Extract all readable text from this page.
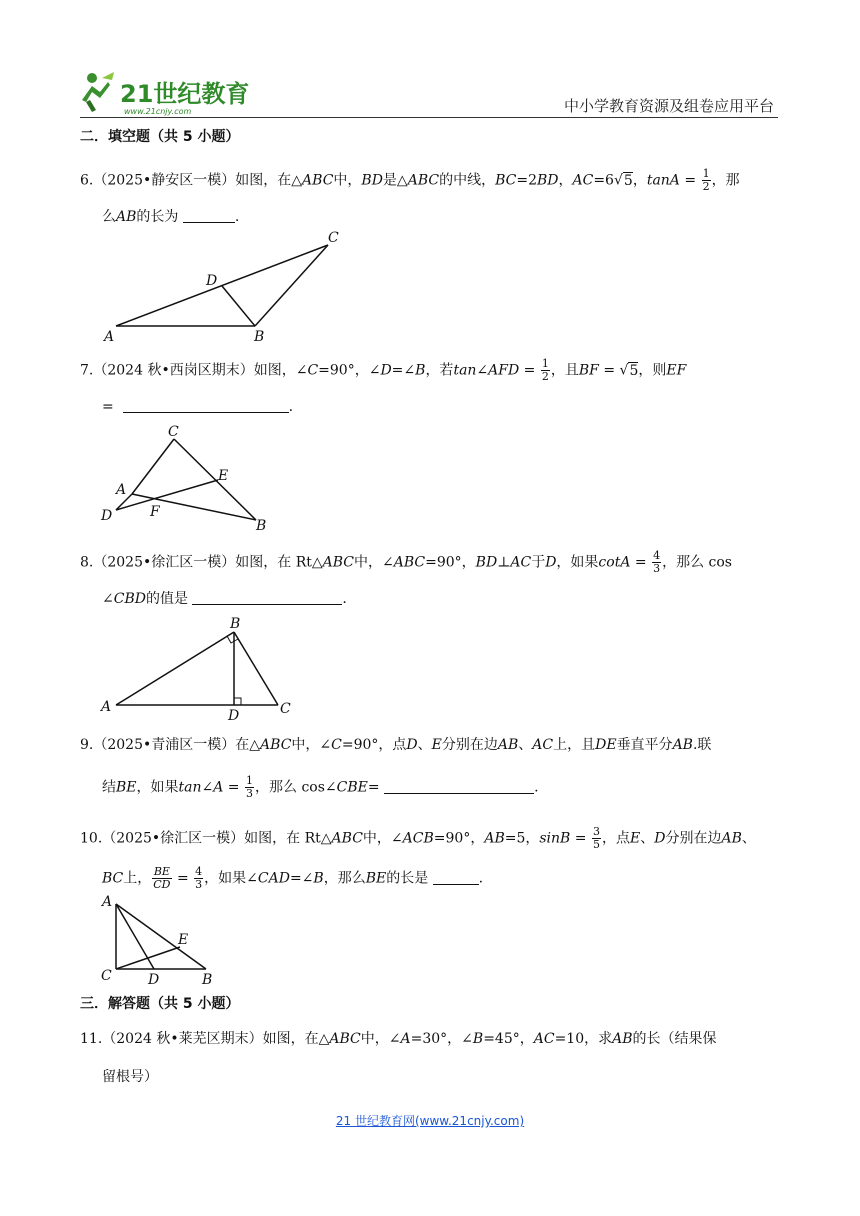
21世纪教育
www.21cnjy.com	中小学教育资源及组卷应用平台
二．填空题（共 5 小题）
6.（2025•静安区一模）如图，在△ABC中，BD是△ABC的中线，BC=2BD，AC=6√5，$\tan A = \frac{1}{2}$ ，那
么AB的长为	.
A	B
C
D
7.（2024 秋•西岗区期末）如图，∠C=90°，∠D=∠B，若tan∠AFD = $\frac{1}{2}$ ，且BF = √5，则EF
=	.
C
A
E
D	F
B
8.（2025•徐汇区一模）如图，在 Rt△ABC中，∠ABC=90°，BD⊥AC于D，如果$\cot A = \frac{4}{3}$ ，那么 cos
∠CBD的值是	.
B
A
D	C
9.（2025•青浦区一模）在△ABC中，∠C=90°，点D、E分别在边AB、AC上，且DE垂直平分AB.联
结BE，如果tan∠A = $\frac{1}{3}$ ，那么 cos∠CBE=	.
10.（2025•徐汇区一模）如图，在 Rt△ABC中，∠ACB=90°，AB=5，$\sin B = \frac{3}{5}$ ，点E、D分别在边AB、
BC上， $\frac{BE}{CD} = \frac{4}{3}$ ，如果∠CAD=∠B，那么BE的长是	.
A
E
C	D	B
三．解答题（共 5 小题）
11.（2024 秋•莱芜区期末）如图，在△ABC中，∠A=30°，∠B=45°，AC=10，求AB的长（结果保
留根号）
21 世纪教育网(www.21cnjy.com)
